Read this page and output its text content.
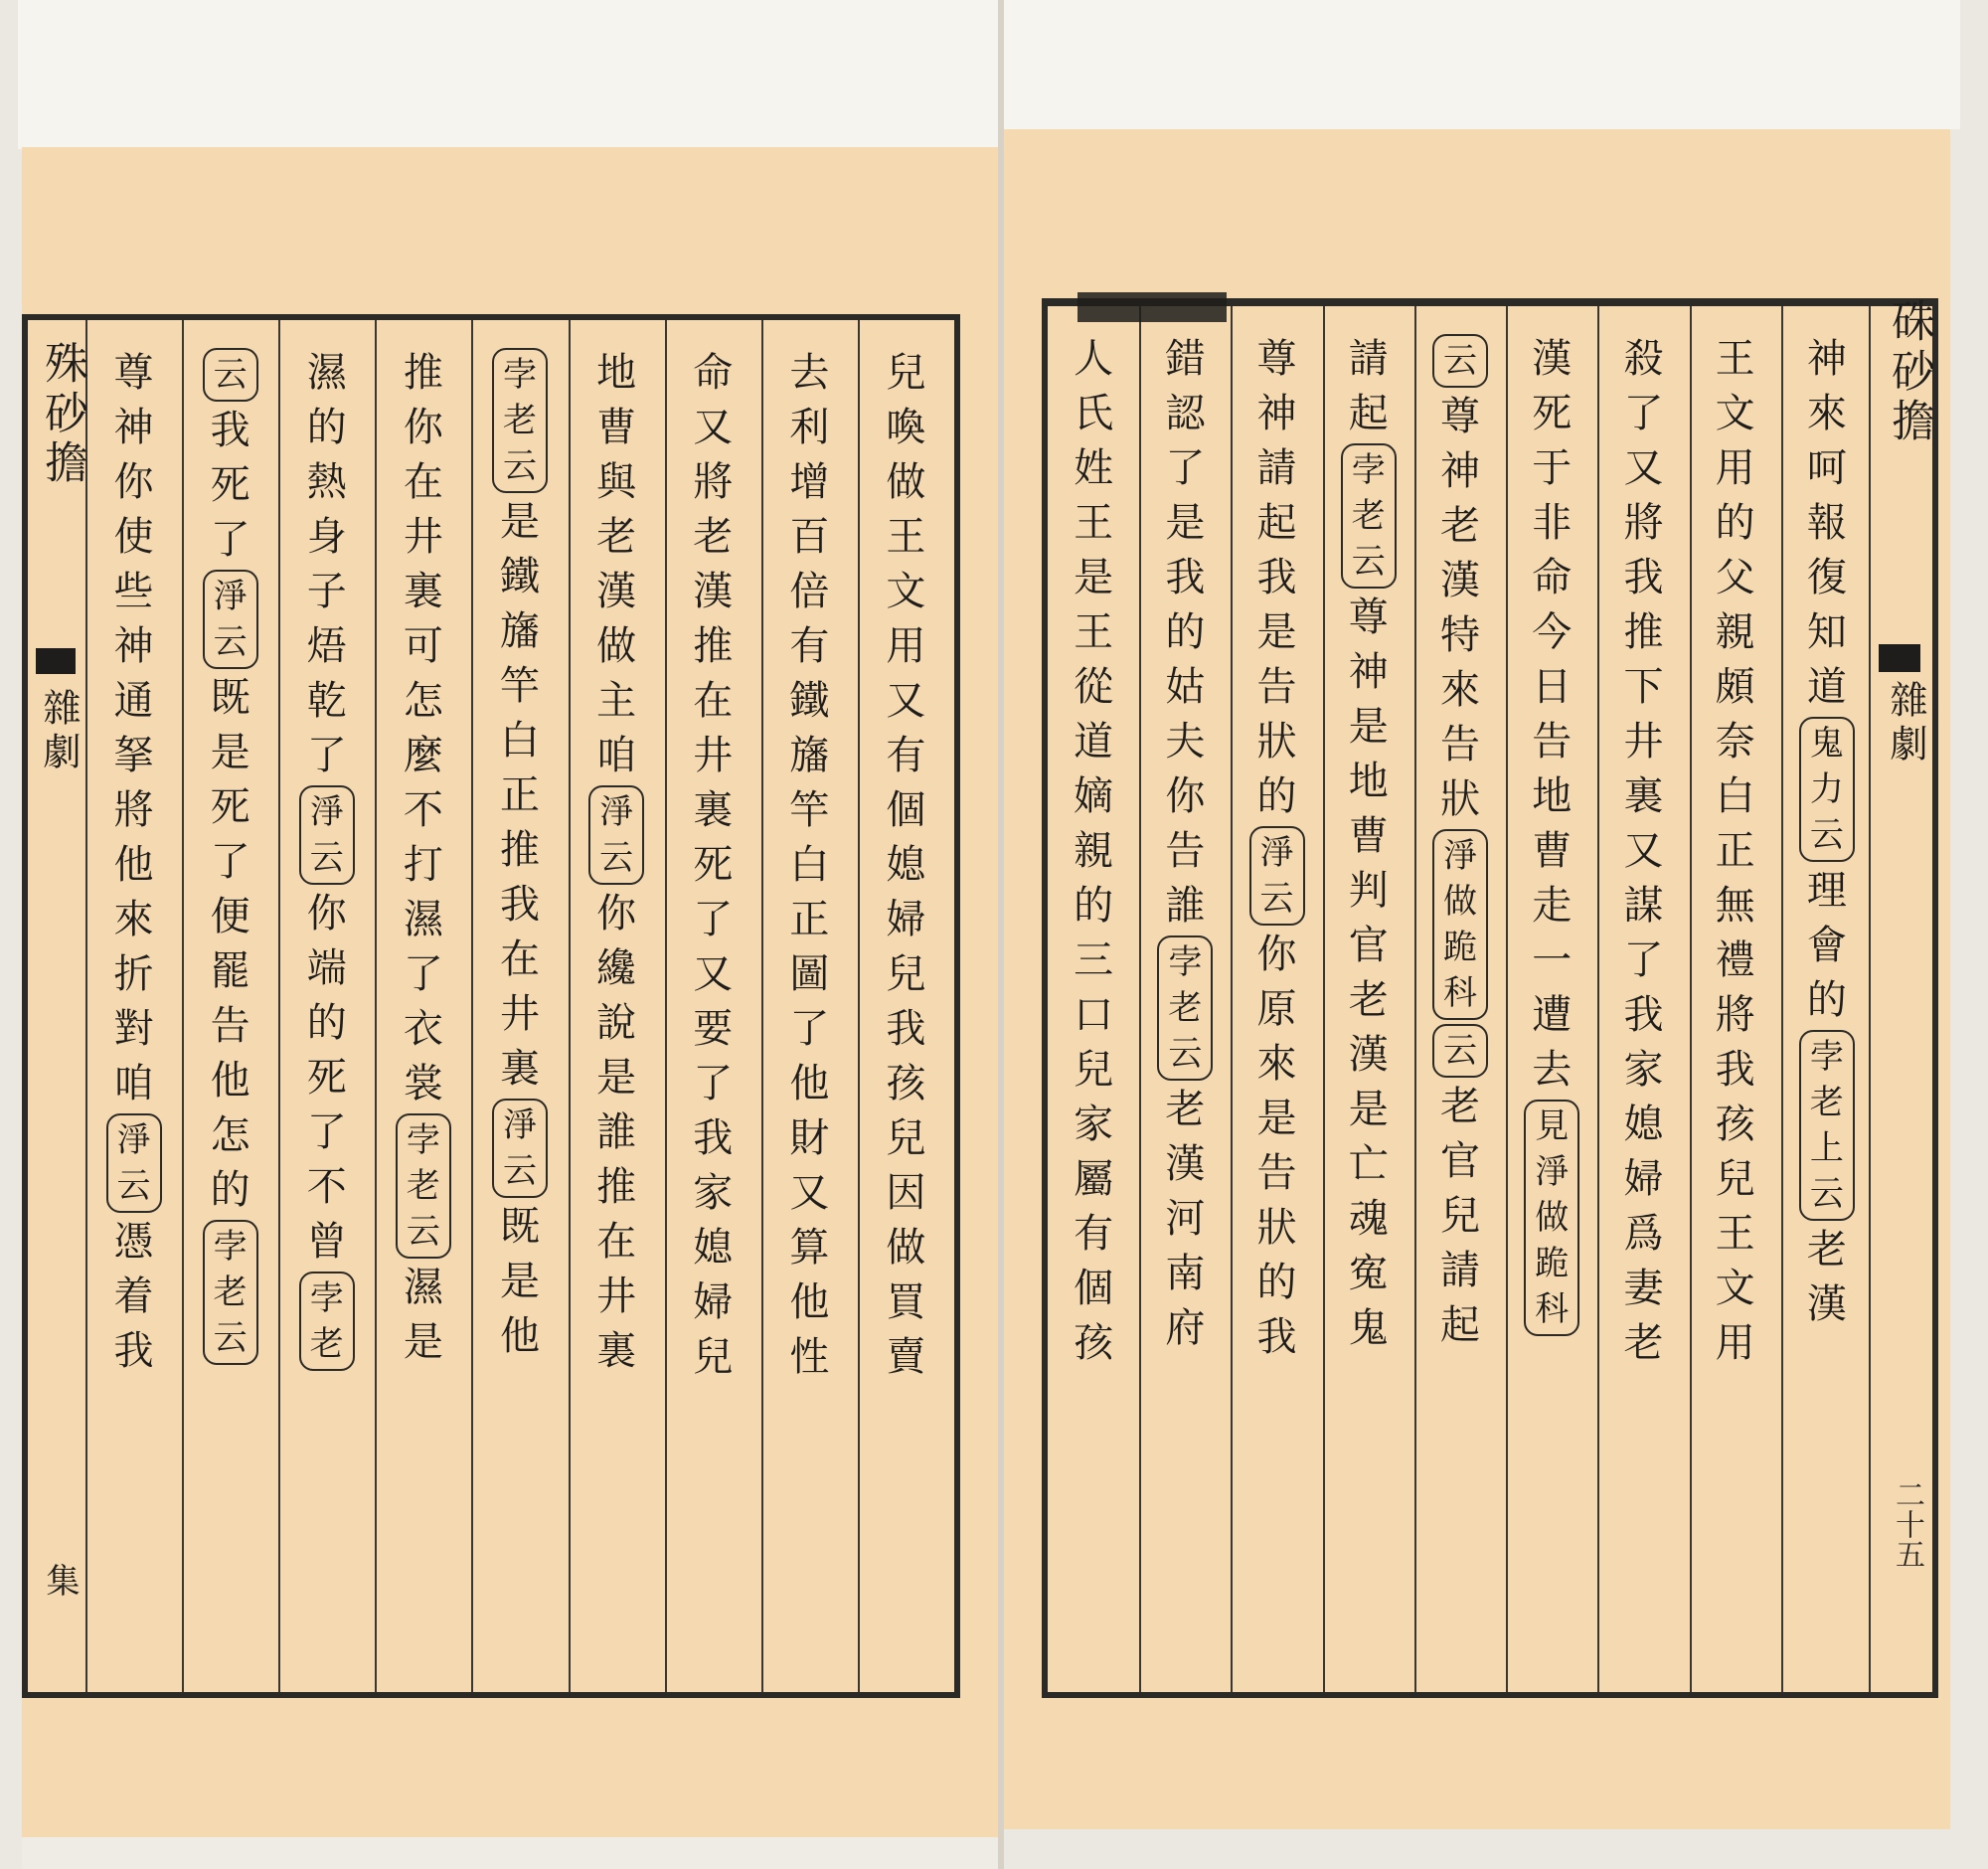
殊砂擔
雜劇
集
兒
喚
做
王
文
用
又
有
個
媳
婦
兒
我
孩
兒
因
做
買
賣
去
利
增
百
倍
有
鐵
旛
竿
白
正
圖
了
他
財
又
算
他
性
命
又
將
老
漢
推
在
井
裏
死
了
又
要
了
我
家
媳
婦
兒
地
曹
與
老
漢
做
主
咱
淨
云
你
纔
說
是
誰
推
在
井
裏
孛
老
云
是
鐵
旛
竿
白
正
推
我
在
井
裏
淨
云
既
是
他
推
你
在
井
裏
可
怎
麼
不
打
濕
了
衣
裳
孛
老
云
濕
是
濕
的
熱
身
子
焐
乾
了
淨
云
你
端
的
死
了
不
曾
孛
老
云
我
死
了
淨
云
既
是
死
了
便
罷
告
他
怎
的
孛
老
云
尊
神
你
使
些
神
通
拏
將
他
來
折
對
咱
淨
云
憑
着
我
神
來
呵
報
復
知
道
鬼
力
云
理
會
的
孛
老
上
云
老
漢
王
文
用
的
父
親
頗
奈
白
正
無
禮
將
我
孩
兒
王
文
用
殺
了
又
將
我
推
下
井
裏
又
謀
了
我
家
媳
婦
爲
妻
老
漢
死
于
非
命
今
日
告
地
曹
走
一
遭
去
見
淨
做
跪
科
云
尊
神
老
漢
特
來
告
狀
淨
做
跪
科
云
老
官
兒
請
起
請
起
孛
老
云
尊
神
是
地
曹
判
官
老
漢
是
亡
魂
寃
鬼
尊
神
請
起
我
是
告
狀
的
淨
云
你
原
來
是
告
狀
的
我
錯
認
了
是
我
的
姑
夫
你
告
誰
孛
老
云
老
漢
河
南
府
人
氏
姓
王
是
王
從
道
嫡
親
的
三
口
兒
家
屬
有
個
孩
硃砂擔
雜劇
二十五
